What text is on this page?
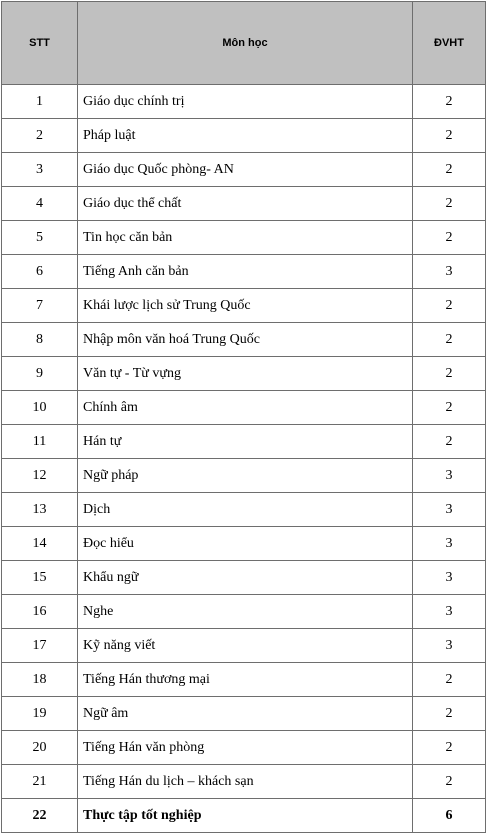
STT	Môn học	ĐVHT
1	Giáo dục chính trị	2
2	Pháp luật	2
3	Giáo dục Quốc phòng- AN	2
4	Giáo dục thể chất	2
5	Tin học căn bản	2
6	Tiếng Anh căn bản	3
7	Khái lược lịch sử Trung Quốc	2
8	Nhập môn văn hoá Trung Quốc	2
9	Văn tự - Từ vựng	2
10	Chính âm	2
11	Hán tự	2
12	Ngữ pháp	3
13	Dịch	3
14	Đọc hiểu	3
15	Khẩu ngữ	3
16	Nghe	3
17	Kỹ năng viết	3
18	Tiếng Hán thương mại	2
19	Ngữ âm	2
20	Tiếng Hán văn phòng	2
21	Tiếng Hán du lịch – khách sạn	2
22	Thực tập tốt nghiệp	6
